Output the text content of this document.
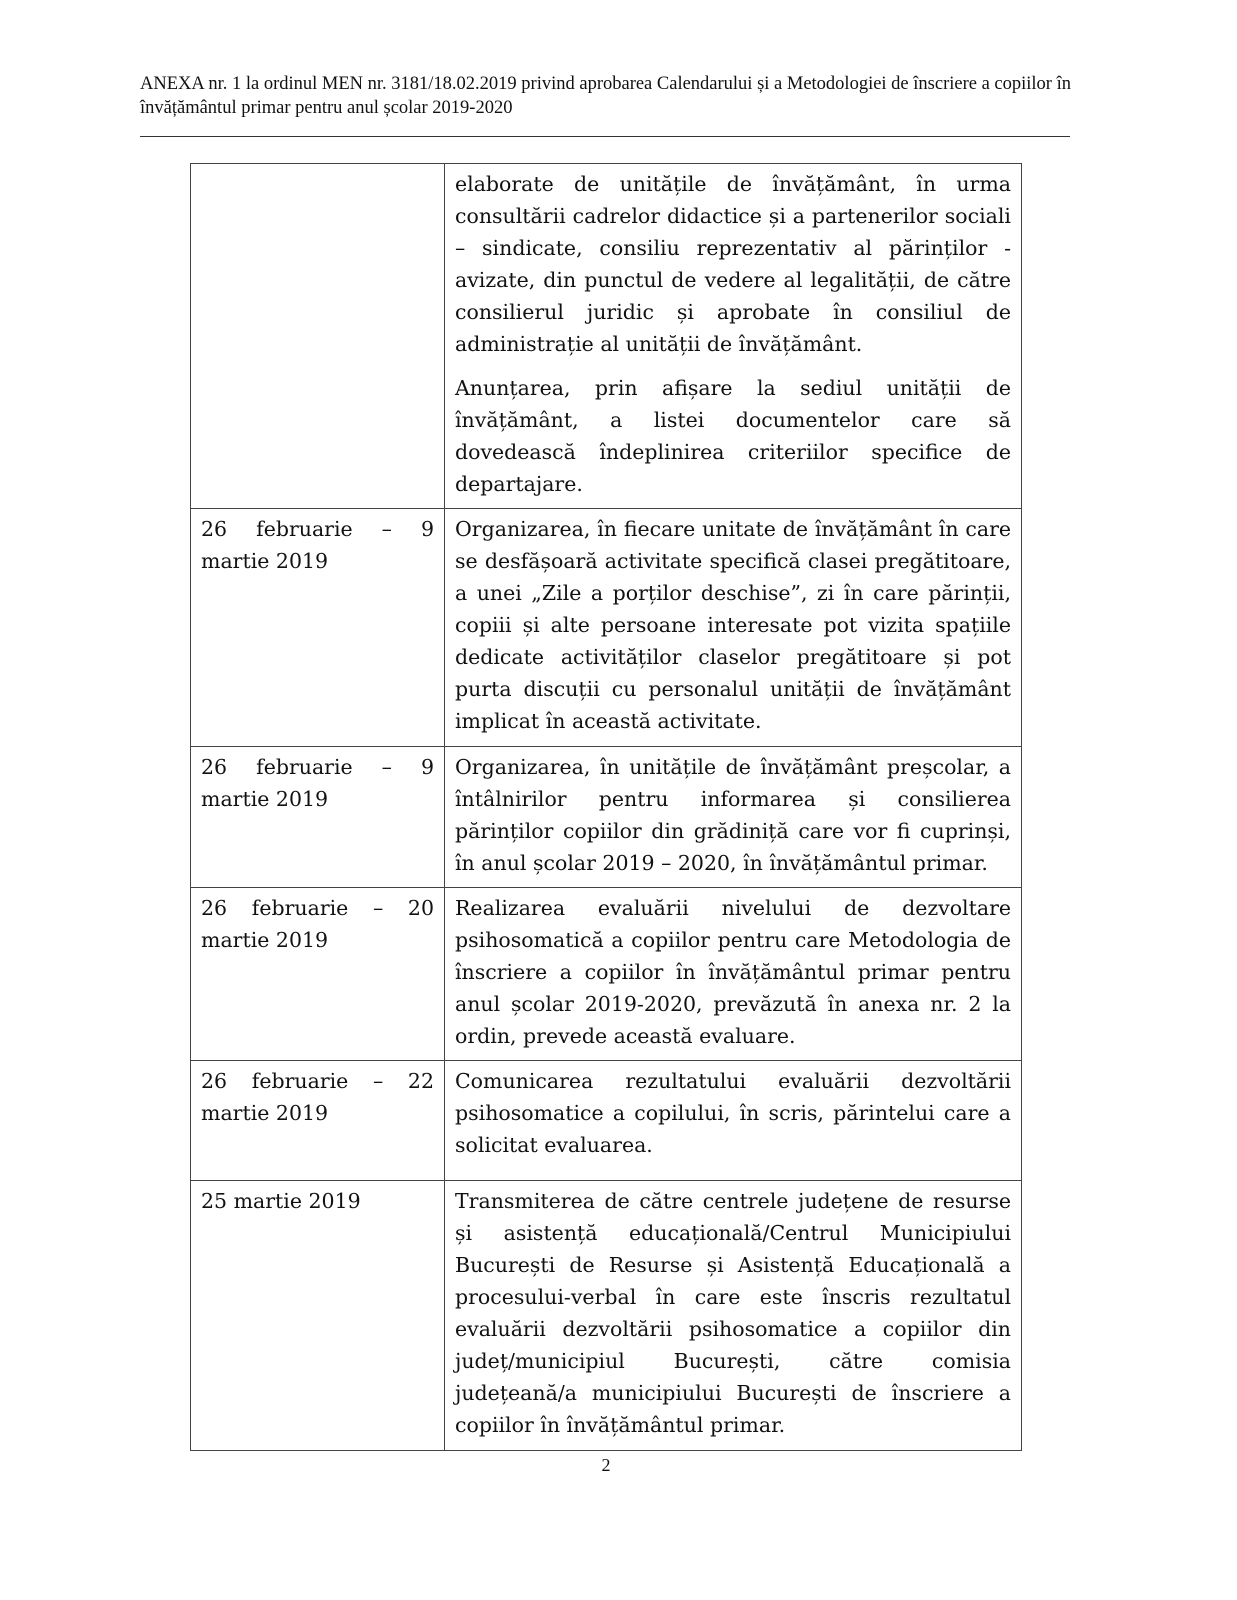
ANEXA nr. 1 la ordinul MEN nr. 3181/18.02.2019 privind aprobarea Calendarului și a Metodologiei de înscriere a copiilor în învățământul primar pentru anul școlar 2019-2020

	elaborate de unitățile de învățământ, în urma consultării cadrelor didactice și a partenerilor sociali – sindicate, consiliu reprezentativ al părinților - avizate, din punctul de vedere al legalității, de către consilierul juridic și aprobate în consiliul de administrație al unității de învățământ.

Anunțarea, prin afișare la sediul unității de învățământ, a listei documentelor care să dovedească îndeplinirea criteriilor specifice de departajare.

26 februarie – 9 martie 2019	Organizarea, în fiecare unitate de învățământ în care se desfășoară activitate specifică clasei pregătitoare, a unei „Zile a porților deschise”, zi în care părinții, copiii și alte persoane interesate pot vizita spațiile dedicate activităților claselor pregătitoare și pot purta discuții cu personalul unității de învățământ implicat în această activitate.

26 februarie – 9 martie 2019	Organizarea, în unitățile de învățământ preșcolar, a întâlnirilor pentru informarea și consilierea părinților copiilor din grădiniță care vor fi cuprinși, în anul școlar 2019 – 2020, în învățământul primar.

26 februarie – 20 martie 2019	Realizarea evaluării nivelului de dezvoltare psihosomatică a copiilor pentru care Metodologia de înscriere a copiilor în învățământul primar pentru anul școlar 2019-2020, prevăzută în anexa nr. 2 la ordin, prevede această evaluare.

26 februarie – 22 martie 2019	Comunicarea rezultatului evaluării dezvoltării psihosomatice a copilului, în scris, părintelui care a solicitat evaluarea.

25 martie 2019	Transmiterea de către centrele județene de resurse și asistență educațională/Centrul Municipiului București de Resurse și Asistență Educațională a procesului-verbal în care este înscris rezultatul evaluării dezvoltării psihosomatice a copiilor din județ/municipiul București, către comisia județeană/a municipiului București de înscriere a copiilor în învățământul primar.

2
